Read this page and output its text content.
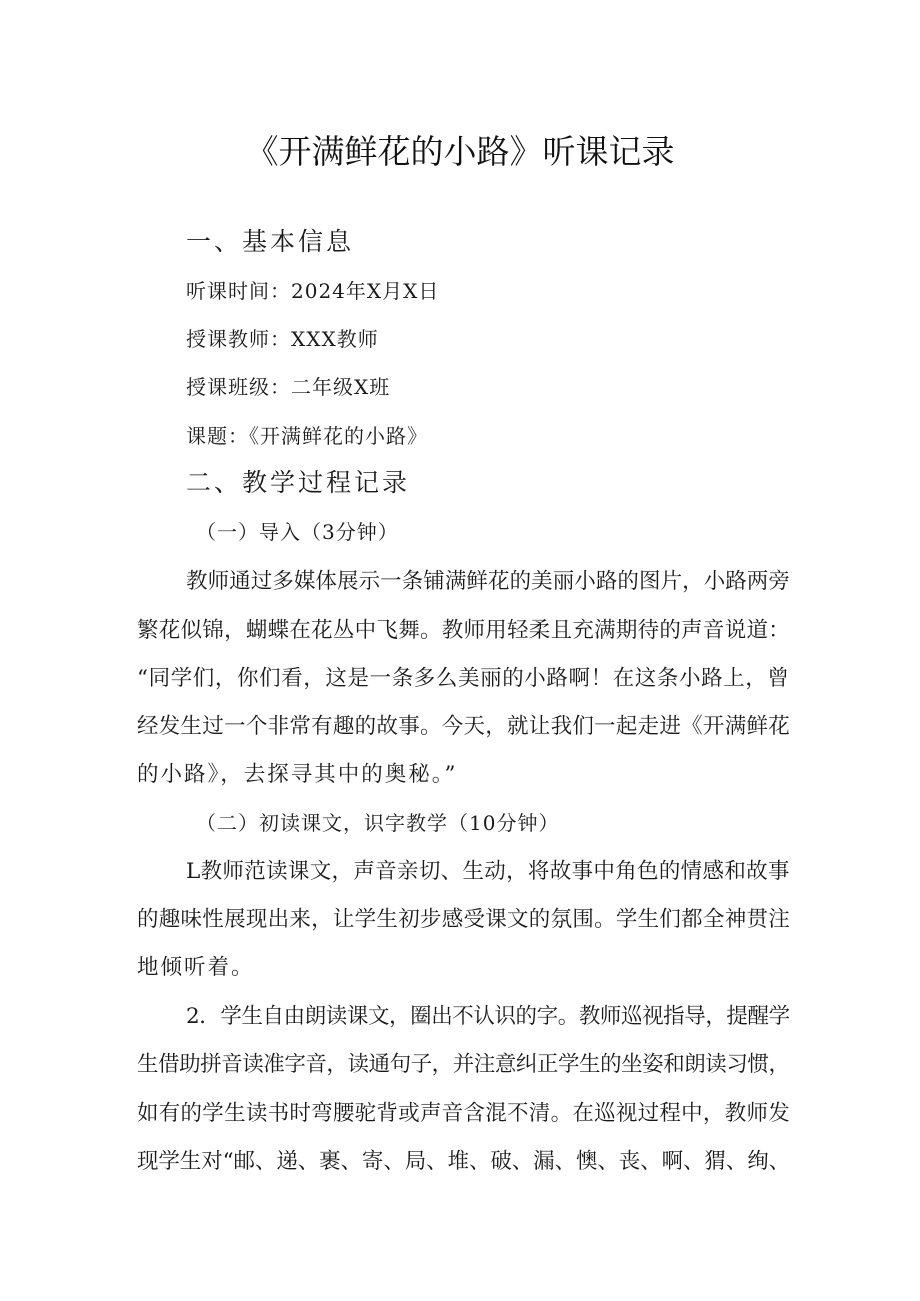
《开满鲜花的小路》听课记录
一、基本信息
听课时间：2024年X月X日
授课教师：XXX教师
授课班级：二年级X班
课题：《开满鲜花的小路》
二、教学过程记录
（一）导入（3分钟）
教师通过多媒体展示一条铺满鲜花的美丽小路的图片，小路两旁
繁花似锦，蝴蝶在花丛中飞舞。教师用轻柔且充满期待的声音说道：
“同学们，你们看，这是一条多么美丽的小路啊！在这条小路上，曾
经发生过一个非常有趣的故事。今天，就让我们一起走进《开满鲜花
的小路》，去探寻其中的奥秘。”
（二）初读课文，识字教学（10分钟）
L教师范读课文，声音亲切、生动，将故事中角色的情感和故事
的趣味性展现出来，让学生初步感受课文的氛围。学生们都全神贯注
地倾听着。
2．学生自由朗读课文，圈出不认识的字。教师巡视指导，提醒学
生借助拼音读准字音，读通句子，并注意纠正学生的坐姿和朗读习惯，
如有的学生读书时弯腰驼背或声音含混不清。在巡视过程中，教师发
现学生对“邮、递、裹、寄、局、堆、破、漏、懊、丧、啊、猬、绚、
